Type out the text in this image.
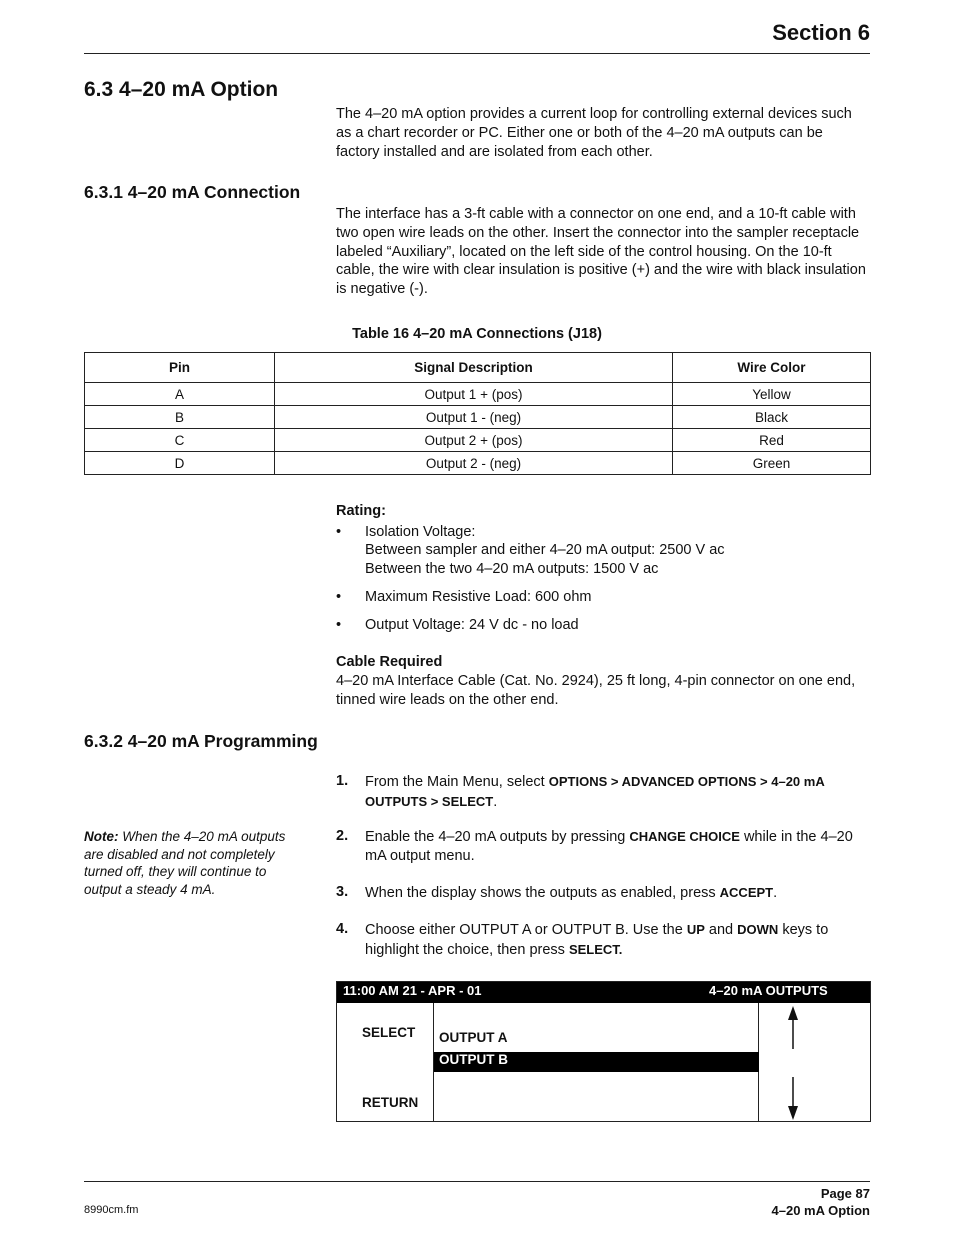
Section 6
6.3 4–20 mA Option

The 4–20 mA option provides a current loop for controlling external devices such as a chart recorder or PC. Either one or both of the 4–20 mA outputs can be factory installed and are isolated from each other.

6.3.1 4–20 mA Connection

The interface has a 3-ft cable with a connector on one end, and a 10-ft cable with two open wire leads on the other. Insert the connector into the sampler receptacle labeled “Auxiliary”, located on the left side of the control housing. On the 10-ft cable, the wire with clear insulation is positive (+) and the wire with black insulation is negative (-).

Table 16 4–20 mA Connections (J18)
Pin	Signal Description	Wire Color
A	Output 1 + (pos)	Yellow
B	Output 1 - (neg)	Black
C	Output 2 + (pos)	Red
D	Output 2 - (neg)	Green
Rating:
• Isolation Voltage:
Between sampler and either 4–20 mA output: 2500 V ac
Between the two 4–20 mA outputs: 1500 V ac
• Maximum Resistive Load: 600 ohm
• Output Voltage: 24 V dc - no load
Cable Required

4–20 mA Interface Cable (Cat. No. 2924), 25 ft long, 4-pin connector on one end, tinned wire leads on the other end.

6.3.2 4–20 mA Programming
Note: When the 4–20 mA outputs are disabled and not completely turned off, they will continue to output a steady 4 mA.
1. From the Main Menu, select OPTIONS > ADVANCED OPTIONS > 4–20 mA OUTPUTS > SELECT.
2. Enable the 4–20 mA outputs by pressing CHANGE CHOICE while in the 4–20 mA output menu.
3. When the display shows the outputs as enabled, press ACCEPT.
4. Choose either OUTPUT A or OUTPUT B. Use the UP and DOWN keys to highlight the choice, then press SELECT.
11:00 AM 21 - APR - 01	4–20 mA OUTPUTS
SELECT
RETURN
OUTPUT A
OUTPUT B
8990cm.fm
Page 87
4–20 mA Option
